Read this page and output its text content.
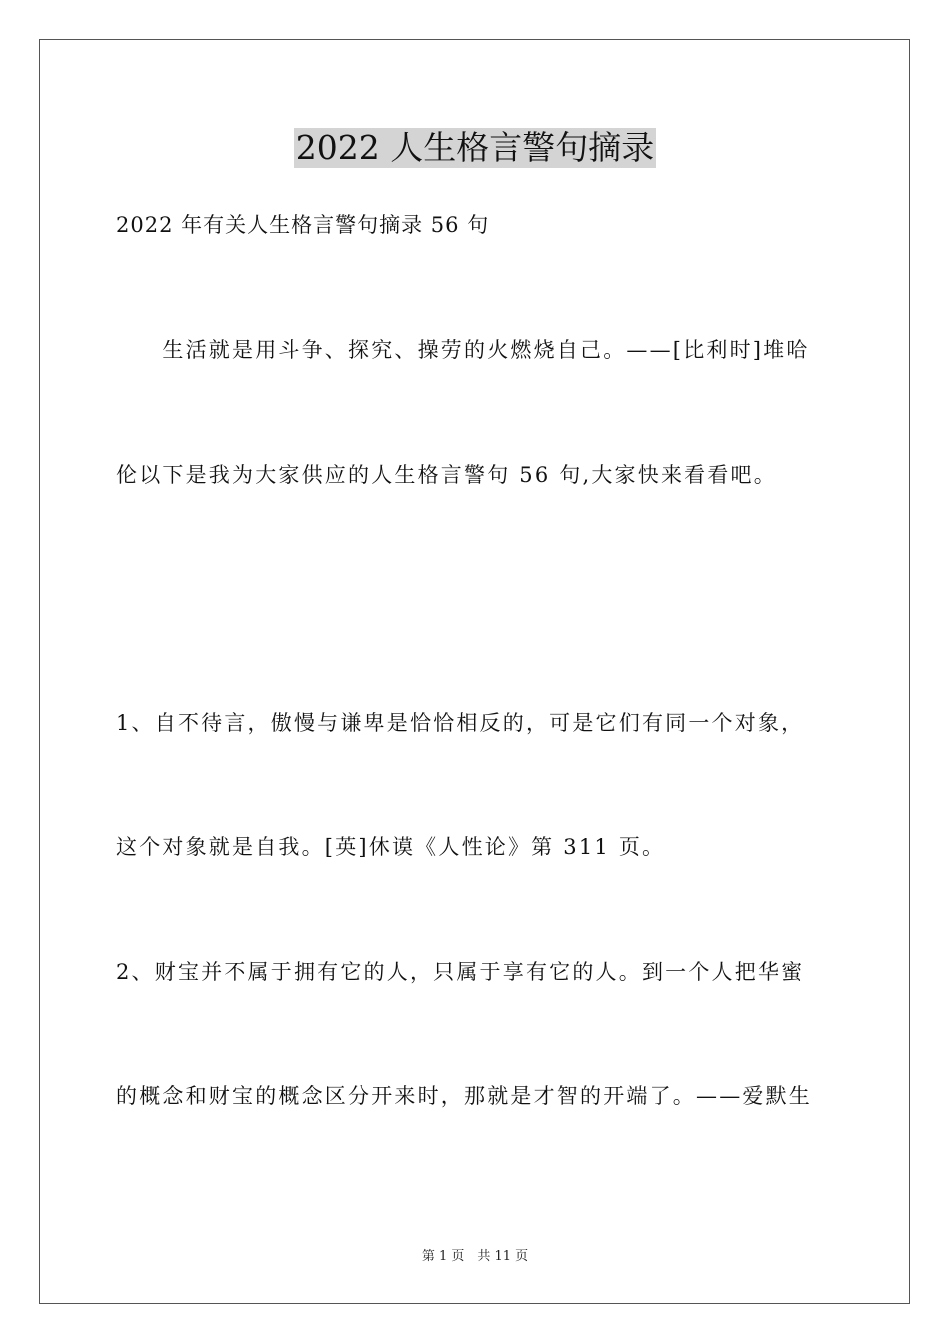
2022 人生格言警句摘录
2022 年有关人生格言警句摘录 56 句
　　生活就是用斗争、探究、操劳的火燃烧自己。——[比利时]堆哈
伦以下是我为大家供应的人生格言警句 56 句,大家快来看看吧。
1、自不待言，傲慢与谦卑是恰恰相反的，可是它们有同一个对象，
这个对象就是自我。[英]休谟《人性论》第 311 页。
2、财宝并不属于拥有它的人，只属于享有它的人。到一个人把华蜜
的概念和财宝的概念区分开来时，那就是才智的开端了。——爱默生
第 1 页　共 11 页
